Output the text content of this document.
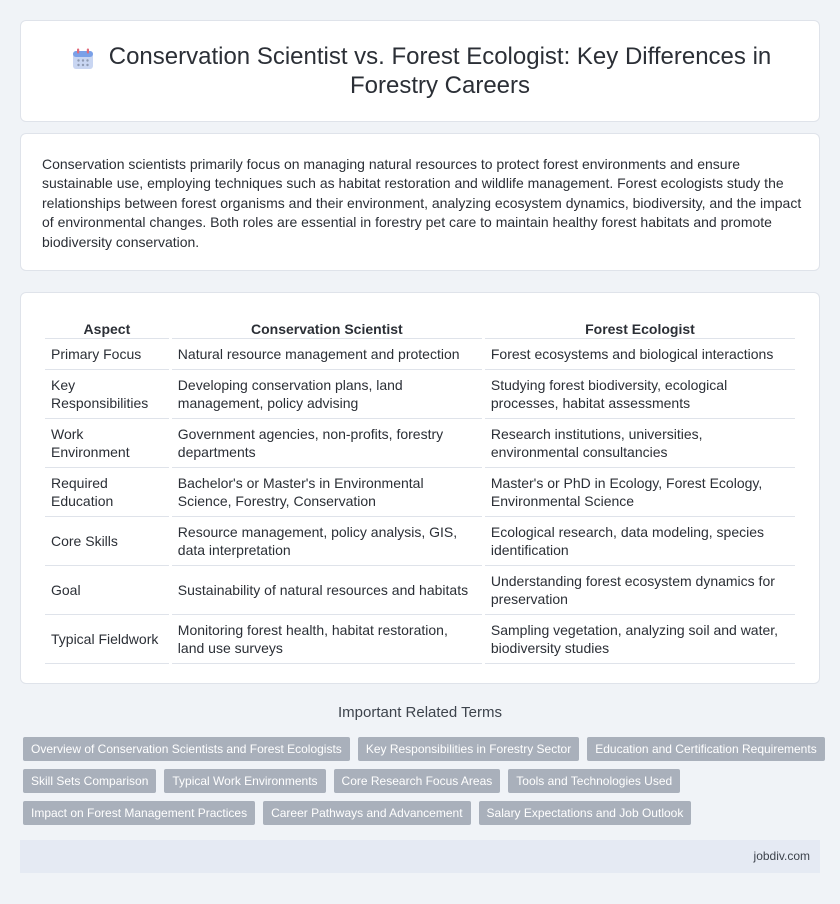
Conservation Scientist vs. Forest Ecologist: Key Differences in Forestry Careers

Conservation scientists primarily focus on managing natural resources to protect forest environments and ensure sustainable use, employing techniques such as habitat restoration and wildlife management. Forest ecologists study the relationships between forest organisms and their environment, analyzing ecosystem dynamics, biodiversity, and the impact of environmental changes. Both roles are essential in forestry pet care to maintain healthy forest habitats and promote biodiversity conservation.

Aspect	Conservation Scientist	Forest Ecologist
Primary Focus	Natural resource management and protection	Forest ecosystems and biological interactions
Key Responsibilities	Developing conservation plans, land management, policy advising	Studying forest biodiversity, ecological processes, habitat assessments
Work Environment	Government agencies, non-profits, forestry departments	Research institutions, universities, environmental consultancies
Required Education	Bachelor's or Master's in Environmental Science, Forestry, Conservation	Master's or PhD in Ecology, Forest Ecology, Environmental Science
Core Skills	Resource management, policy analysis, GIS, data interpretation	Ecological research, data modeling, species identification
Goal	Sustainability of natural resources and habitats	Understanding forest ecosystem dynamics for preservation
Typical Fieldwork	Monitoring forest health, habitat restoration, land use surveys	Sampling vegetation, analyzing soil and water, biodiversity studies
Important Related Terms
Overview of Conservation Scientists and Forest Ecologists	Key Responsibilities in Forestry Sector	Education and Certification Requirements
Skill Sets Comparison	Typical Work Environments	Core Research Focus Areas	Tools and Technologies Used
Impact on Forest Management Practices	Career Pathways and Advancement	Salary Expectations and Job Outlook
jobdiv.com
